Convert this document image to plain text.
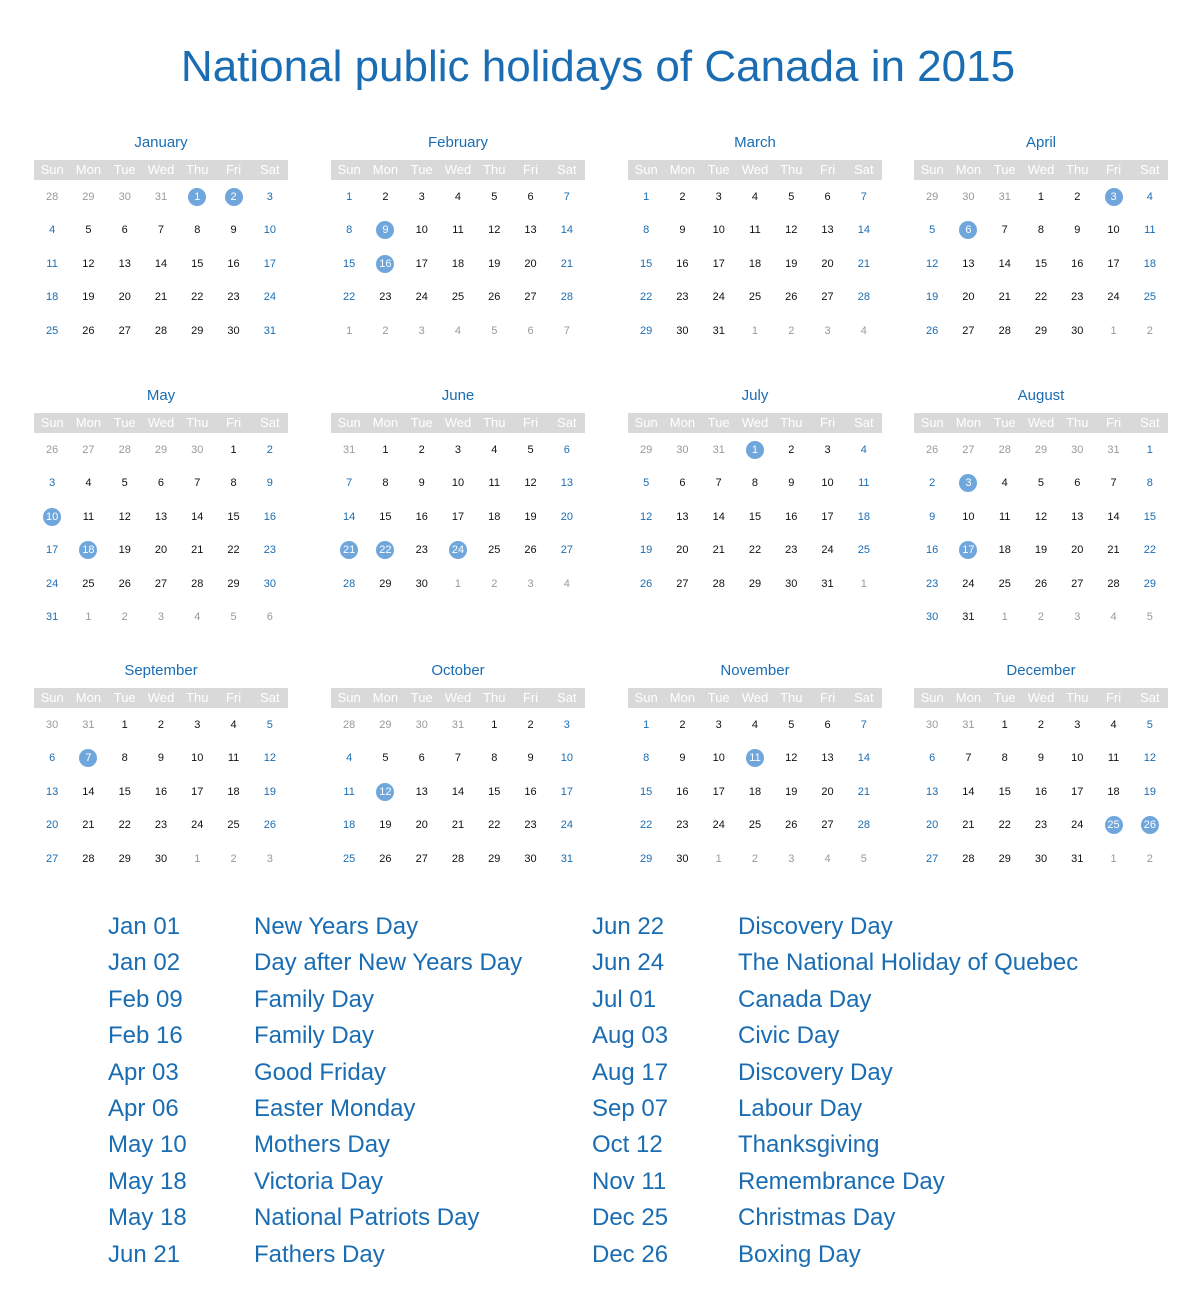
National public holidays of Canada in 2015
January
Sun Mon Tue Wed Thu	Fri	Sat
28	29	30	31	1	2	3
4	5	6	7	8	9	10
11	12	13	14	15	16	17
18	19	20	21	22	23	24
25	26	27	28	29	30	31
February
Sun Mon Tue Wed Thu	Fri	Sat
1	2	3	4	5	6	7
8	9	10	11	12	13	14
15	16	17	18	19	20	21
22	23	24	25	26	27	28
1	2	3	4	5	6	7
March
Sun Mon Tue Wed Thu	Fri	Sat
1	2	3	4	5	6	7
8	9	10	11	12	13	14
15	16	17	18	19	20	21
22	23	24	25	26	27	28
29	30	31	1	2	3	4
April
Sun Mon Tue Wed Thu	Fri	Sat
29	30	31	1	2	3	4
5	6	7	8	9	10	11
12	13	14	15	16	17	18
19	20	21	22	23	24	25
26	27	28	29	30	1	2
May
Sun Mon Tue Wed Thu	Fri	Sat
26	27	28	29	30	1	2
3	4	5	6	7	8	9
10	11	12	13	14	15	16
17	18	19	20	21	22	23
24	25	26	27	28	29	30
31	1	2	3	4	5	6
June
Sun Mon Tue Wed Thu	Fri	Sat
31	1	2	3	4	5	6
7	8	9	10	11	12	13
14	15	16	17	18	19	20
21	22	23	24	25	26	27
28	29	30	1	2	3	4
July
Sun Mon Tue Wed Thu	Fri	Sat
29	30	31	1	2	3	4
5	6	7	8	9	10	11
12	13	14	15	16	17	18
19	20	21	22	23	24	25
26	27	28	29	30	31	1
August
Sun Mon Tue Wed Thu	Fri	Sat
26	27	28	29	30	31	1
2	3	4	5	6	7	8
9	10	11	12	13	14	15
16	17	18	19	20	21	22
23	24	25	26	27	28	29
30	31	1	2	3	4	5
September
Sun Mon Tue Wed Thu	Fri	Sat
30	31	1	2	3	4	5
6	7	8	9	10	11	12
13	14	15	16	17	18	19
20	21	22	23	24	25	26
27	28	29	30	1	2	3
October
Sun Mon Tue Wed Thu	Fri	Sat
28	29	30	31	1	2	3
4	5	6	7	8	9	10
11	12	13	14	15	16	17
18	19	20	21	22	23	24
25	26	27	28	29	30	31
November
Sun Mon Tue Wed Thu	Fri	Sat
1	2	3	4	5	6	7
8	9	10	11	12	13	14
15	16	17	18	19	20	21
22	23	24	25	26	27	28
29	30	1	2	3	4	5
December
Sun Mon Tue Wed Thu	Fri	Sat
30	31	1	2	3	4	5
6	7	8	9	10	11	12
13	14	15	16	17	18	19
20	21	22	23	24	25	26
27	28	29	30	31	1	2
Jan 01	New Years Day
Jan 02	Day after New Years Day
Feb 09	Family Day
Feb 16	Family Day
Apr 03	Good Friday
Apr 06	Easter Monday
May 10	Mothers Day
May 18	Victoria Day
May 18	National Patriots Day
Jun 21	Fathers Day
Jun 22	Discovery Day
Jun 24	The National Holiday of Quebec
Jul 01	Canada Day
Aug 03	Civic Day
Aug 17	Discovery Day
Sep 07	Labour Day
Oct 12	Thanksgiving
Nov 11	Remembrance Day
Dec 25	Christmas Day
Dec 26	Boxing Day
